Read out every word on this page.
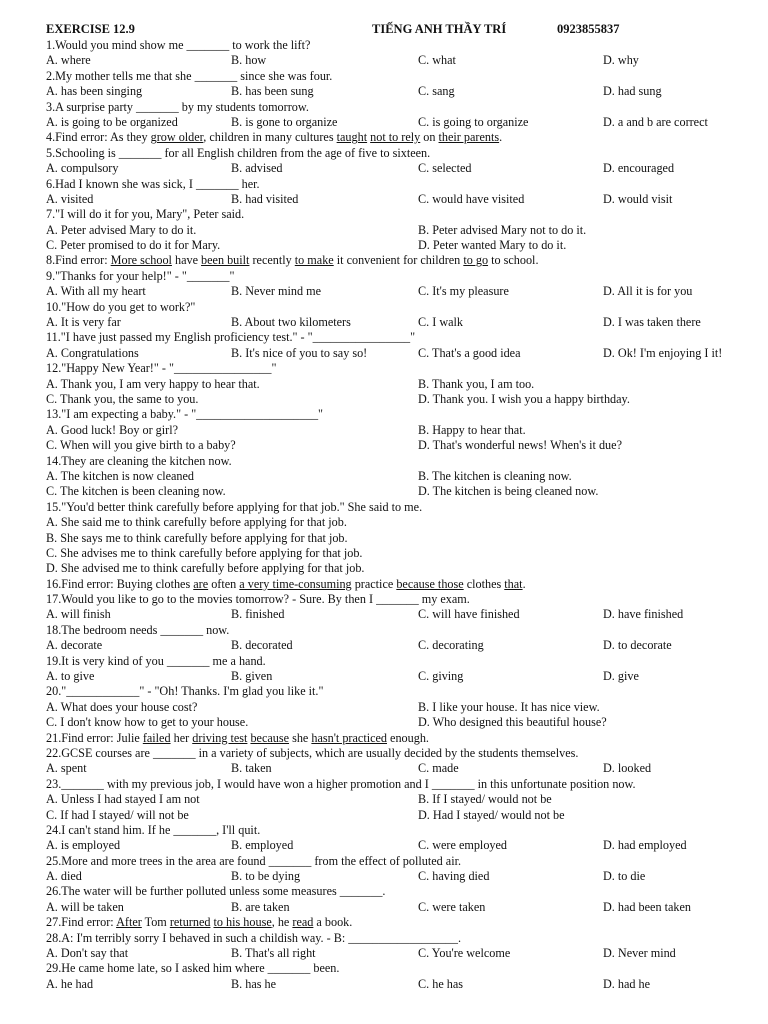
EXERCISE 12.9	TIẾNG ANH THẦY TRÍ	0923855837
1.Would you mind show me _______ to work the lift?
A. where	B. how	C. what	D. why
2.My mother tells me that she _______ since she was four.
A. has been singing	B. has been sung	C. sang	D. had sung
3.A surprise party _______ by my students tomorrow.
A. is going to be organized	B. is gone to organize	C. is going to organize	D. a and b are correct
4.Find error: As they grow older, children in many cultures taught not to rely on their parents.
5.Schooling is _______ for all English children from the age of five to sixteen.
A. compulsory	B. advised	C. selected	D. encouraged
6.Had I known she was sick, I _______ her.
A. visited	B. had visited	C. would have visited	D. would visit
7."I will do it for you, Mary", Peter said.
A. Peter advised Mary to do it.	B. Peter advised Mary not to do it.
C. Peter promised to do it for Mary.	D. Peter wanted Mary to do it.
8.Find error: More school have been built recently to make it convenient for children to go to school.
9."Thanks for your help!" - "_______"
A. With all my heart	B. Never mind me	C. It's my pleasure	D. All it is for you
10."How do you get to work?"
A. It is very far	B. About two kilometers	C. I walk	D. I was taken there
11."I have just passed my English proficiency test." - "________________"
A. Congratulations	B. It's nice of you to say so!	C. That's a good idea	D. Ok! I'm enjoying I it!
12."Happy New Year!" - "________________"
A. Thank you, I am very happy to hear that.	B. Thank you, I am too.
C. Thank you, the same to you.	D. Thank you. I wish you a happy birthday.
13."I am expecting a baby." - "____________________"
A. Good luck! Boy or girl?	B. Happy to hear that.
C. When will you give birth to a baby?	D. That's wonderful news! When's it due?
14.They are cleaning the kitchen now.
A. The kitchen is now cleaned	B. The kitchen is cleaning now.
C. The kitchen is been cleaning now.	D. The kitchen is being cleaned now.
15."You'd better think carefully before applying for that job." She said to me.
A. She said me to think carefully before applying for that job.
B. She says me to think carefully before applying for that job.
C. She advises me to think carefully before applying for that job.
D. She advised me to think carefully before applying for that job.
16.Find error: Buying clothes are often a very time-consuming practice because those clothes that.
17.Would you like to go to the movies tomorrow? - Sure. By then I _______ my exam.
A. will finish	B. finished	C. will have finished	D. have finished
18.The bedroom needs _______ now.
A. decorate	B. decorated	C. decorating	D. to decorate
19.It is very kind of you _______ me a hand.
A. to give	B. given	C. giving	D. give
20."____________" - "Oh! Thanks. I'm glad you like it."
A. What does your house cost?	B. I like your house. It has nice view.
C. I don't know how to get to your house.	D. Who designed this beautiful house?
21.Find error: Julie failed her driving test because she hasn't practiced enough.
22.GCSE courses are _______ in a variety of subjects, which are usually decided by the students themselves.
A. spent	B. taken	C. made	D. looked
23._______ with my previous job, I would have won a higher promotion and I _______ in this unfortunate position now.
A. Unless I had stayed I am not	B. If I stayed/ would not be
C. If had I stayed/ will not be	D. Had I stayed/ would not be
24.I can't stand him. If he _______, I'll quit.
A. is employed	B. employed	C. were employed	D. had employed
25.More and more trees in the area are found _______ from the effect of polluted air.
A. died	B. to be dying	C. having died	D. to die
26.The water will be further polluted unless some measures _______.
A. will be taken	B. are taken	C. were taken	D. had been taken
27.Find error: After Tom returned to his house, he read a book.
28.A: I'm terribly sorry I behaved in such a childish way. - B: __________________.
A. Don't say that	B. That's all right	C. You're welcome	D. Never mind
29.He came home late, so I asked him where _______ been.
A. he had	B. has he	C. he has	D. had he
